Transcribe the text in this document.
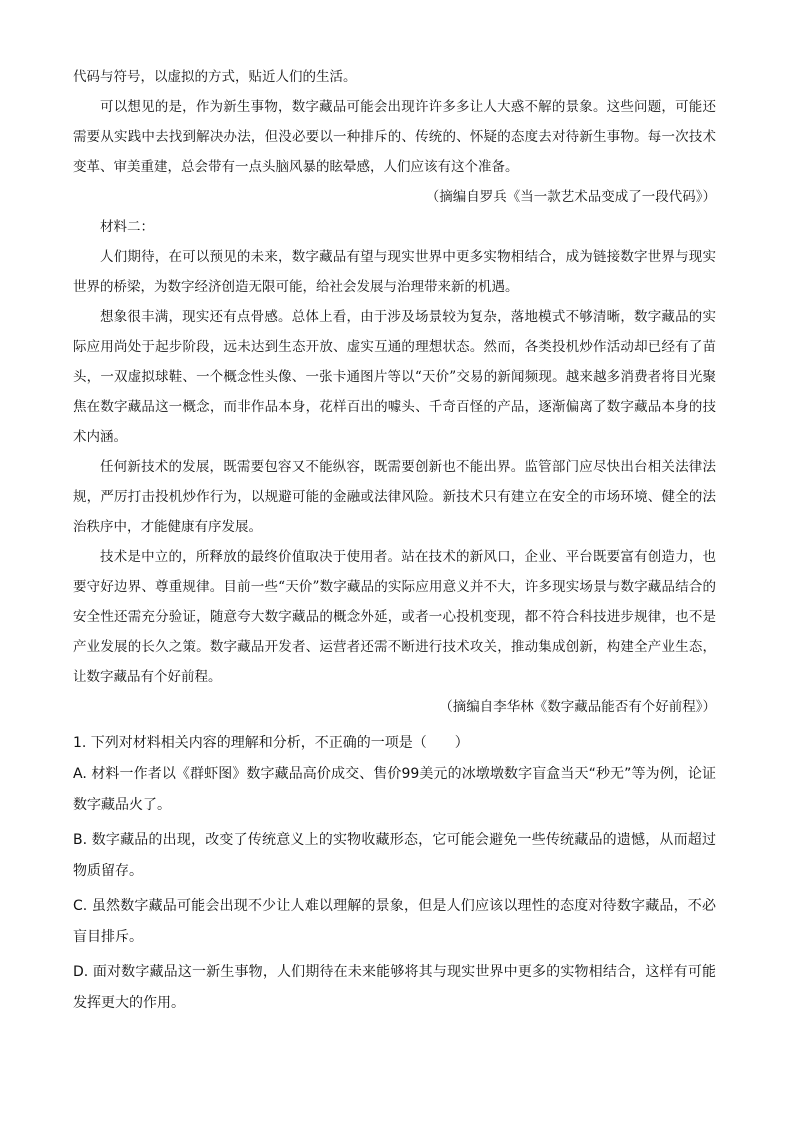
代码与符号，以虚拟的方式，贴近人们的生活。

可以想见的是，作为新生事物，数字藏品可能会出现许许多多让人大惑不解的景象。这些问题，可能还需要从实践中去找到解决办法，但没必要以一种排斥的、传统的、怀疑的态度去对待新生事物。每一次技术变革、审美重建，总会带有一点头脑风暴的眩晕感，人们应该有这个准备。

（摘编自罗兵《当一款艺术品变成了一段代码》）

材料二：

人们期待，在可以预见的未来，数字藏品有望与现实世界中更多实物相结合，成为链接数字世界与现实世界的桥梁，为数字经济创造无限可能，给社会发展与治理带来新的机遇。

想象很丰满，现实还有点骨感。总体上看，由于涉及场景较为复杂，落地模式不够清晰，数字藏品的实际应用尚处于起步阶段，远未达到生态开放、虚实互通的理想状态。然而，各类投机炒作活动却已经有了苗头，一双虚拟球鞋、一个概念性头像、一张卡通图片等以“天价”交易的新闻频现。越来越多消费者将目光聚焦在数字藏品这一概念，而非作品本身，花样百出的噱头、千奇百怪的产品，逐渐偏离了数字藏品本身的技术内涵。

任何新技术的发展，既需要包容又不能纵容，既需要创新也不能出界。监管部门应尽快出台相关法律法规，严厉打击投机炒作行为，以规避可能的金融或法律风险。新技术只有建立在安全的市场环境、健全的法治秩序中，才能健康有序发展。

技术是中立的，所释放的最终价值取决于使用者。站在技术的新风口，企业、平台既要富有创造力，也要守好边界、尊重规律。目前一些“天价”数字藏品的实际应用意义并不大，许多现实场景与数字藏品结合的安全性还需充分验证，随意夸大数字藏品的概念外延，或者一心投机变现，都不符合科技进步规律，也不是产业发展的长久之策。数字藏品开发者、运营者还需不断进行技术攻关，推动集成创新，构建全产业生态，让数字藏品有个好前程。

（摘编自李华林《数字藏品能否有个好前程》）

1. 下列对材料相关内容的理解和分析，不正确的一项是（　　）

A. 材料一作者以《群虾图》数字藏品高价成交、售价99美元的冰墩墩数字盲盒当天“秒无”等为例，论证数字藏品火了。

B. 数字藏品的出现，改变了传统意义上的实物收藏形态，它可能会避免一些传统藏品的遗憾，从而超过物质留存。

C. 虽然数字藏品可能会出现不少让人难以理解的景象，但是人们应该以理性的态度对待数字藏品，不必盲目排斥。

D. 面对数字藏品这一新生事物，人们期待在未来能够将其与现实世界中更多的实物相结合，这样有可能发挥更大的作用。
